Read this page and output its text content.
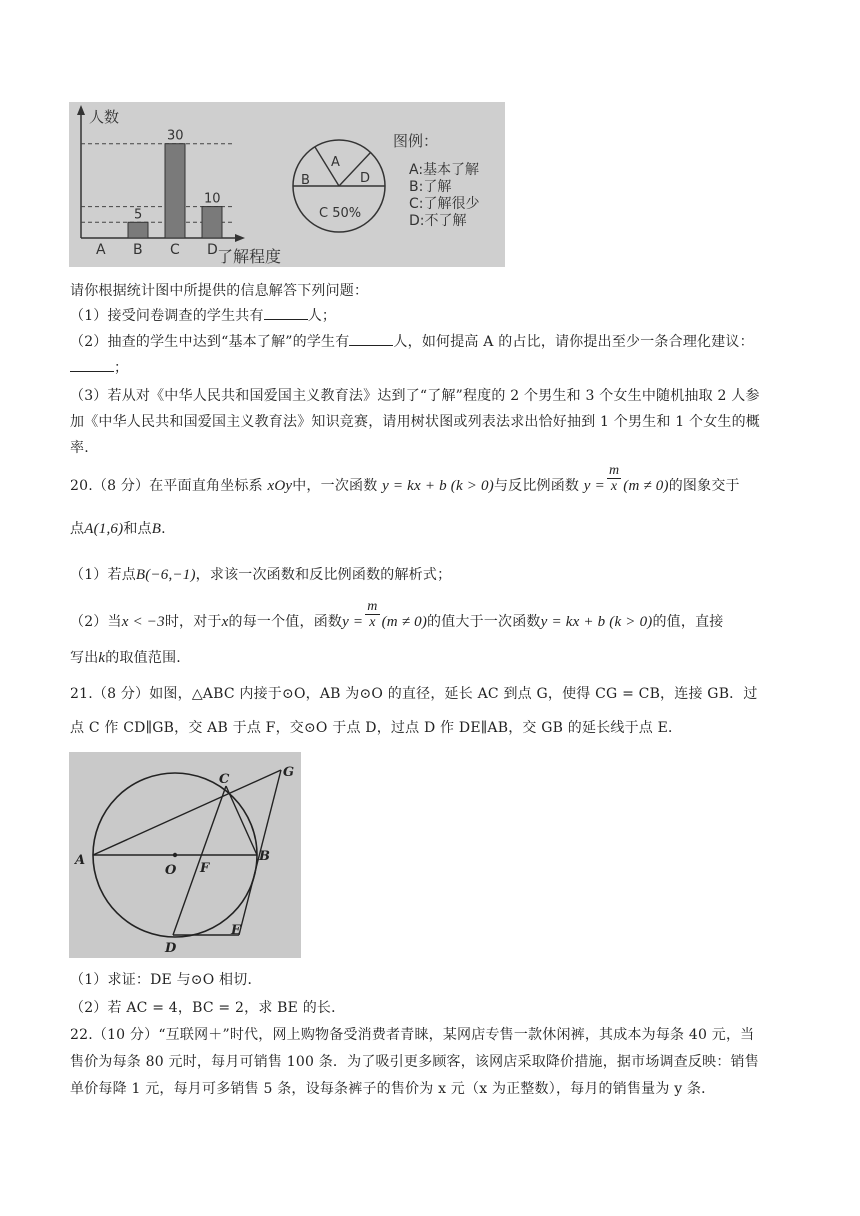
5
30
10
A B C D
人数
了解程度
A
B	D
C 50%
图例：
A:基本了解
B:了解
C:了解很少
D:不了解
请你根据统计图中所提供的信息解答下列问题：
（1）接受问卷调查的学生共有	人；
（2）抽查的学生中达到“基本了解”的学生有	人，如何提高 A 的占比，请你提出至少一条合理化建议：
；
（3）若从对《中华人民共和国爱国主义教育法》达到了“了解”程度的 2 个男生和 3 个女生中随机抽取 2 人参
加《中华人民共和国爱国主义教育法》知识竞赛，请用树状图或列表法求出恰好抽到 1 个男生和 1 个女生的概
率.
20.（8 分）在平面直角坐标系 xOy中，一次函数 y = kx + b (k > 0)与反比例函数 $y = \frac{m}{x} (m \ne 0)$的图象交于
点A(1,6)和点B.
（1）若点B(−6,−1)，求该一次函数和反比例函数的解析式；
（2）当x < −3时，对于x的每一个值，函数$y = \frac{m}{x} (m \ne 0)$的值大于一次函数y = kx + b (k > 0)的值，直接
写出k的取值范围.
21.（8 分）如图，△ABC 内接于⊙O，AB 为⊙O 的直径，延长 AC 到点 G，使得 CG = CB，连接 GB．过
点 C 作 CD∥GB，交 AB 于点 F，交⊙O 于点 D，过点 D 作 DE∥AB，交 GB 的延长线于点 E．
C	G
A
O F
B
D
E
（1）求证：DE 与⊙O 相切．
（2）若 AC = 4，BC = 2，求 BE 的长．
22.（10 分）“互联网＋”时代，网上购物备受消费者青睐，某网店专售一款休闲裤，其成本为每条 40 元，当
售价为每条 80 元时，每月可销售 100 条．为了吸引更多顾客，该网店采取降价措施，据市场调查反映：销售
单价每降 1 元，每月可多销售 5 条，设每条裤子的售价为 x 元（x 为正整数），每月的销售量为 y 条．
